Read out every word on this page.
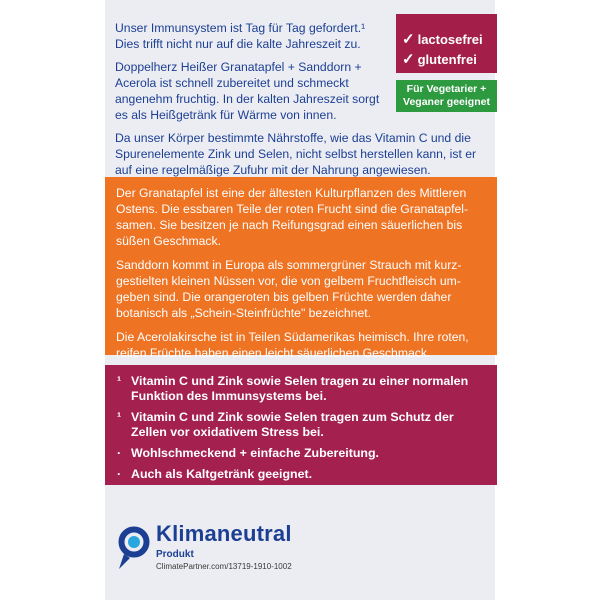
Unser Immunsystem ist Tag für Tag gefordert.¹ Dies trifft nicht nur auf die kalte Jahreszeit zu.

Doppelherz Heißer Granatapfel + Sanddorn + Acerola ist schnell zubereitet und schmeckt angenehm fruchtig. In der kalten Jahreszeit sorgt es als Heißgetränk für Wärme von innen.

Da unser Körper bestimmte Nährstoffe, wie das Vitamin C und die Spurenelemente Zink und Selen, nicht selbst herstellen kann, ist er auf eine regelmäßige Zufuhr mit der Nahrung angewiesen.

✓ lactosefrei
✓ glutenfrei
Für Vegetarier +
Veganer geeignet

Der Granatapfel ist eine der ältesten Kulturpflanzen des Mittleren Ostens. Die essbaren Teile der roten Frucht sind die Granatapfelsamen. Sie besitzen je nach Reifungsgrad einen säuerlichen bis süßen Geschmack.

Sanddorn kommt in Europa als sommergrüner Strauch mit kurzgestielten kleinen Nüssen vor, die von gelbem Fruchtfleisch umgeben sind. Die orangeroten bis gelben Früchte werden daher botanisch als „Schein-Steinfrüchte" bezeichnet.

Die Acerolakirsche ist in Teilen Südamerikas heimisch. Ihre roten, reifen Früchte haben einen leicht säuerlichen Geschmack.

¹ Vitamin C und Zink sowie Selen tragen zu einer normalen Funktion des Immunsystems bei.
¹ Vitamin C und Zink sowie Selen tragen zum Schutz der Zellen vor oxidativem Stress bei.
· Wohlschmeckend + einfache Zubereitung.
· Auch als Kaltgetränk geeignet.
Klimaneutral
Produkt
ClimatePartner.com/13719-1910-1002
